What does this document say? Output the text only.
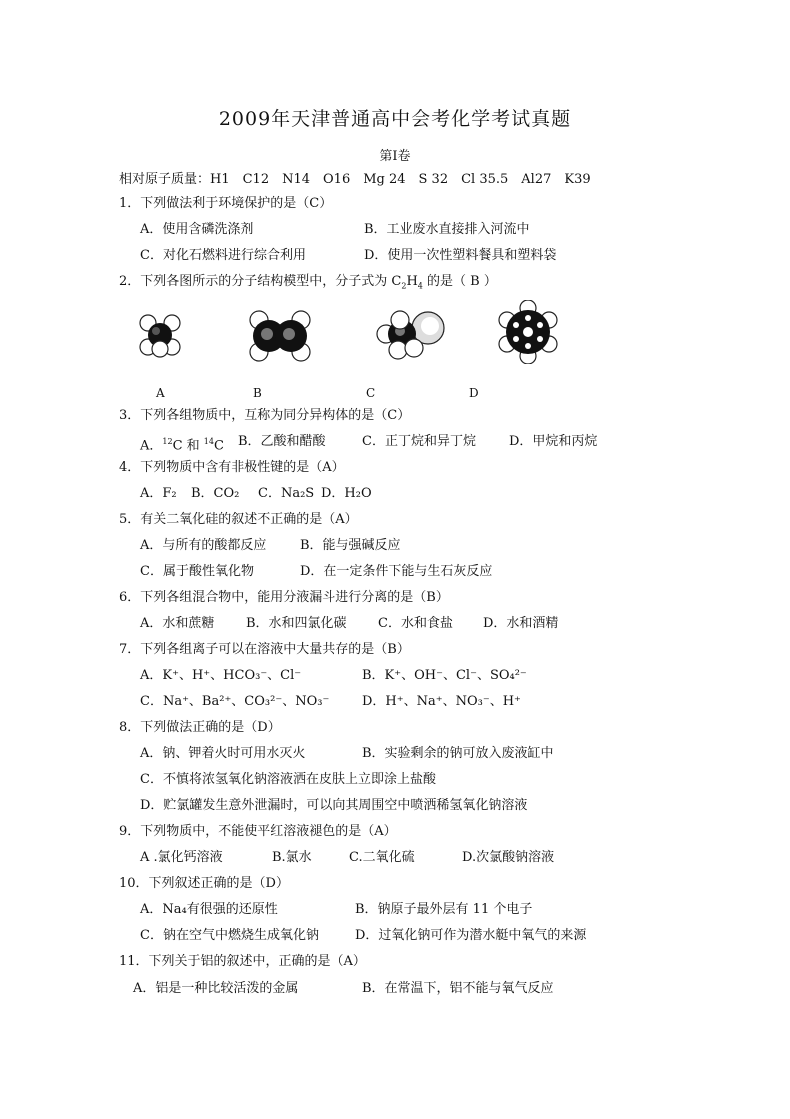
2009年天津普通高中会考化学考试真题
第Ⅰ卷
相对原子质量：H1　C12　N14　O16　Mg 24　S 32　Cl 35.5　Al27　K39
1．下列做法利于环境保护的是（C）
A．使用含磷洗涤剂	B．工业废水直接排入河流中
C．对化石燃料进行综合利用	D．使用一次性塑料餐具和塑料袋
2．下列各图所示的分子结构模型中，分子式为 $C_2H_4$ 的是（ B ）
A	B	C	D
3．下列各组物质中，互称为同分异构体的是（C）
A．$^{12}$C 和 $^{14}$C B．乙酸和醋酸	C．正丁烷和异丁烷	D．甲烷和丙烷
4．下列物质中含有非极性键的是（A）
A．F₂ B．CO₂ C．Na₂S D．H₂O
5．有关二氧化硅的叙述不正确的是（A）
A．与所有的酸都反应	B．能与强碱反应
C．属于酸性氧化物	D．在一定条件下能与生石灰反应
6．下列各组混合物中，能用分液漏斗进行分离的是（B）
A．水和蔗糖 B．水和四氯化碳 C．水和食盐 D．水和酒精
7．下列各组离子可以在溶液中大量共存的是（B）
A．K⁺、H⁺、HCO₃⁻、Cl⁻	B．K⁺、OH⁻、Cl⁻、SO₄²⁻
C．Na⁺、Ba²⁺、CO₃²⁻、NO₃⁻	D．H⁺、Na⁺、NO₃⁻、H⁺
8．下列做法正确的是（D）
A．钠、钾着火时可用水灭火	B．实验剩余的钠可放入废液缸中
C．不慎将浓氢氧化钠溶液洒在皮肤上立即涂上盐酸
D．贮氯罐发生意外泄漏时，可以向其周围空中喷洒稀氢氧化钠溶液
9．下列物质中，不能使平红溶液褪色的是（A）
A .氯化钙溶液	B.氯水	C.二氧化硫	D.次氯酸钠溶液
10．下列叙述正确的是（D）
A．Na₄有很强的还原性	B．钠原子最外层有 11 个电子
C．钠在空气中燃烧生成氧化钠	D．过氧化钠可作为潜水艇中氧气的来源
11．下列关于铝的叙述中，正确的是（A）
A．铝是一种比较活泼的金属	B．在常温下，铝不能与氧气反应
